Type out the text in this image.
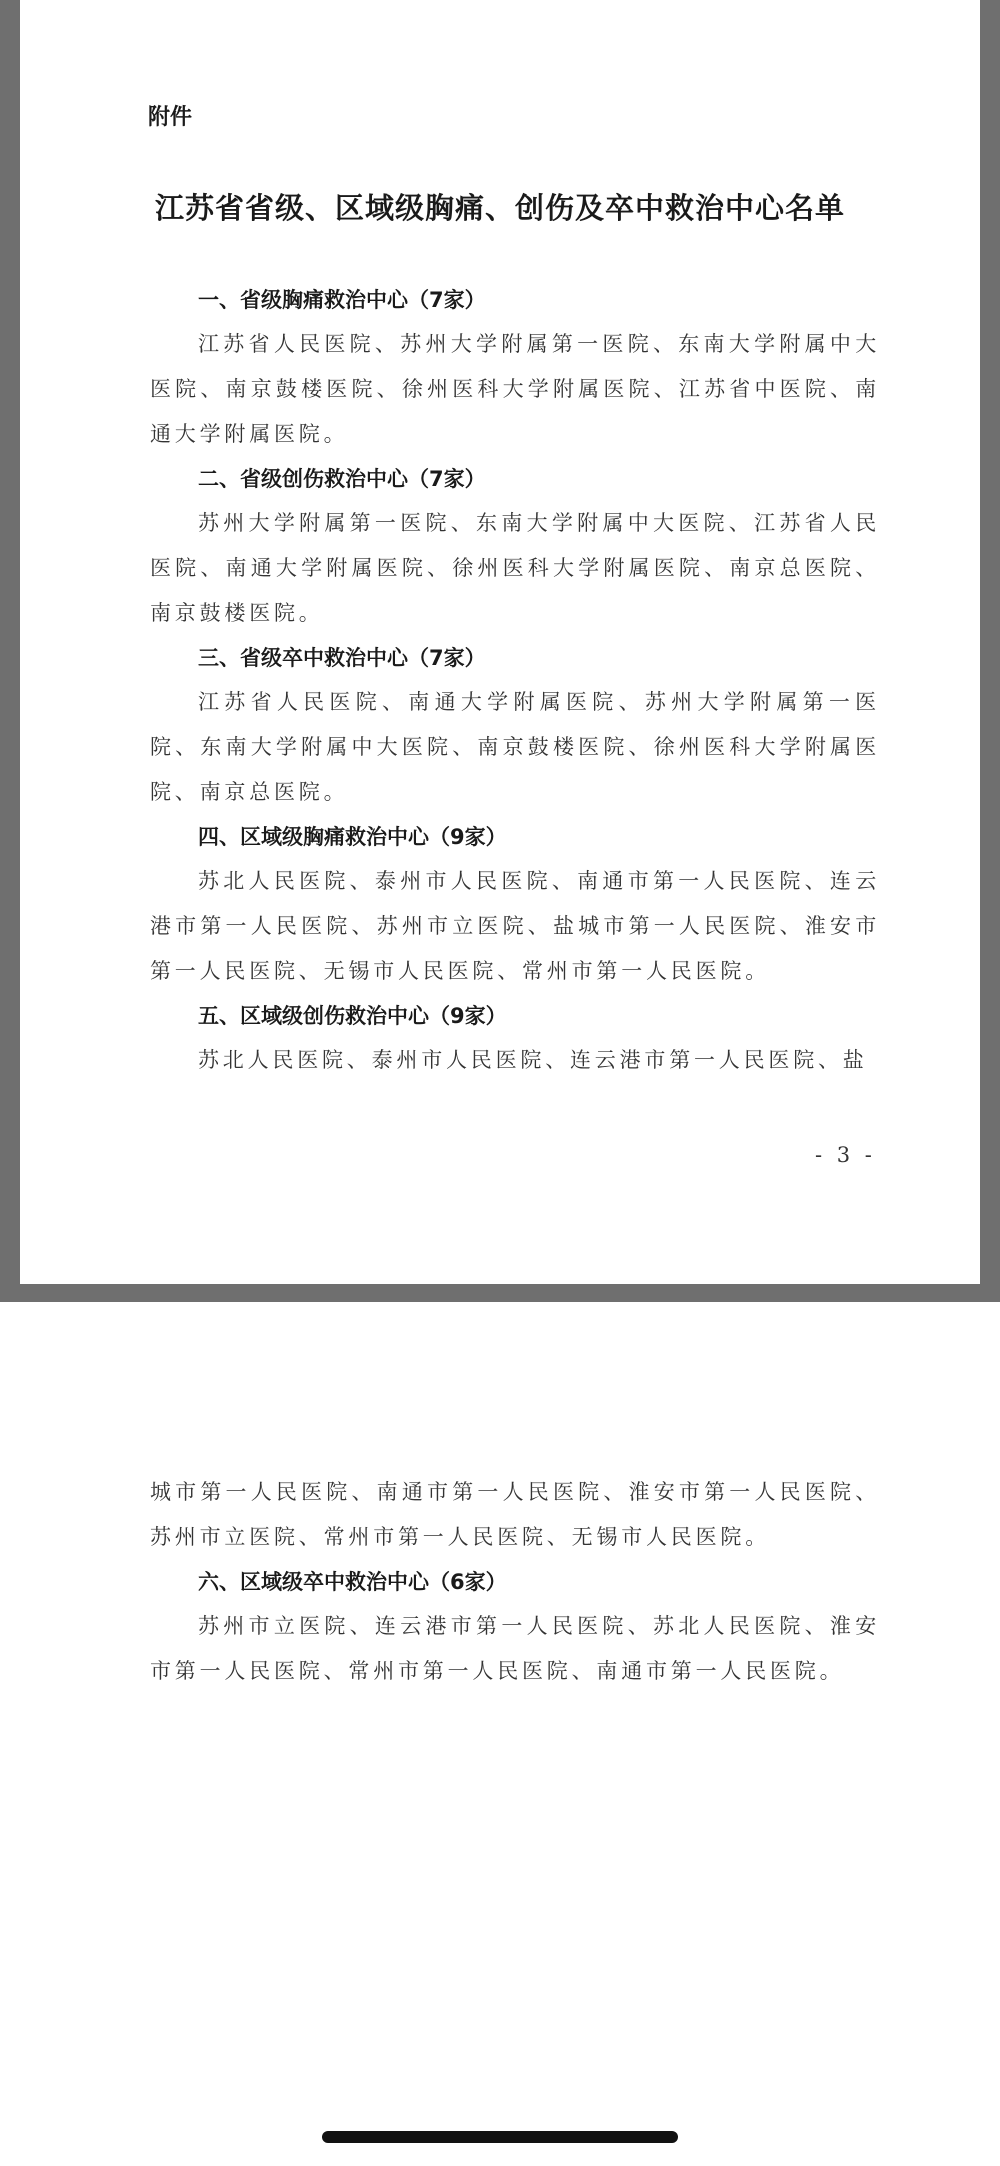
附件
江苏省省级、区域级胸痛、创伤及卒中救治中心名单

一、省级胸痛救治中心（7家）

江苏省人民医院、苏州大学附属第一医院、东南大学附属中大医院、南京鼓楼医院、徐州医科大学附属医院、江苏省中医院、南通大学附属医院。

二、省级创伤救治中心（7家）

苏州大学附属第一医院、东南大学附属中大医院、江苏省人民医院、南通大学附属医院、徐州医科大学附属医院、南京总医院、南京鼓楼医院。

三、省级卒中救治中心（7家）

江苏省人民医院、南通大学附属医院、苏州大学附属第一医院、东南大学附属中大医院、南京鼓楼医院、徐州医科大学附属医院、南京总医院。

四、区域级胸痛救治中心（9家）

苏北人民医院、泰州市人民医院、南通市第一人民医院、连云港市第一人民医院、苏州市立医院、盐城市第一人民医院、淮安市第一人民医院、无锡市人民医院、常州市第一人民医院。

五、区域级创伤救治中心（9家）

苏北人民医院、泰州市人民医院、连云港市第一人民医院、盐

- 3 -

城市第一人民医院、南通市第一人民医院、淮安市第一人民医院、苏州市立医院、常州市第一人民医院、无锡市人民医院。

六、区域级卒中救治中心（6家）

苏州市立医院、连云港市第一人民医院、苏北人民医院、淮安市第一人民医院、常州市第一人民医院、南通市第一人民医院。
